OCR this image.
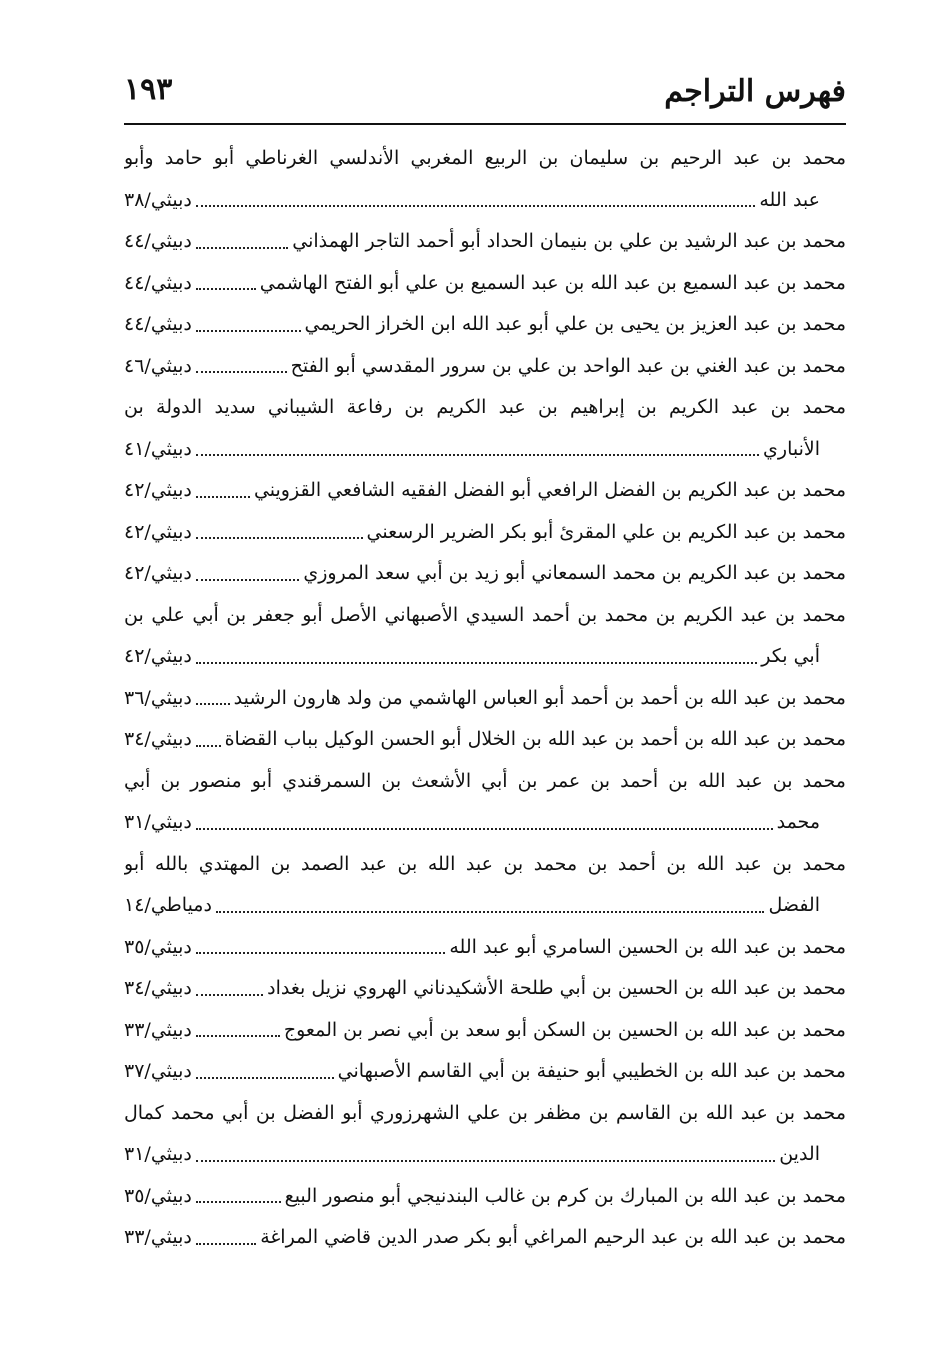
فهرس التراجم
١٩٣
محمد بن عبد الرحيم بن سليمان بن الربيع المغربي الأندلسي الغرناطي أبو حامد وأبو
عبد الله
دبيثي/٣٨
محمد بن عبد الرشيد بن علي بن بنيمان الحداد أبو أحمد التاجر الهمذاني
دبيثي/٤٤
محمد بن عبد السميع بن عبد الله بن عبد السميع بن علي أبو الفتح الهاشمي
دبيثي/٤٤
محمد بن عبد العزيز بن يحيى بن علي أبو عبد الله ابن الخراز الحريمي
دبيثي/٤٤
محمد بن عبد الغني بن عبد الواحد بن علي بن سرور المقدسي أبو الفتح
دبيثي/٤٦
محمد بن عبد الكريم بن إبراهيم بن عبد الكريم بن رفاعة الشيباني سديد الدولة بن
الأنباري
دبيثي/٤١
محمد بن عبد الكريم بن الفضل الرافعي أبو الفضل الفقيه الشافعي القزويني
دبيثي/٤٢
محمد بن عبد الكريم بن علي المقرئ أبو بكر الضرير الرسعني
دبيثي/٤٢
محمد بن عبد الكريم بن محمد السمعاني أبو زيد بن أبي سعد المروزي
دبيثي/٤٢
محمد بن عبد الكريم بن محمد بن أحمد السيدي الأصبهاني الأصل أبو جعفر بن أبي علي بن
أبي بكر
دبيثي/٤٢
محمد بن عبد الله بن أحمد بن أحمد أبو العباس الهاشمي من ولد هارون الرشيد
دبيثي/٣٦
محمد بن عبد الله بن أحمد بن عبد الله بن الخلال أبو الحسن الوكيل بباب القضاة
دبيثي/٣٤
محمد بن عبد الله بن أحمد بن عمر بن أبي الأشعث بن السمرقندي أبو منصور بن أبي
محمد
دبيثي/٣١
محمد بن عبد الله بن أحمد بن محمد بن عبد الله بن عبد الصمد بن المهتدي بالله أبو
الفضل
دمياطي/١٤
محمد بن عبد الله بن الحسين السامري أبو عبد الله
دبيثي/٣٥
محمد بن عبد الله بن الحسين بن أبي طلحة الأشكيدناني الهروي نزيل بغداد
دبيثي/٣٤
محمد بن عبد الله بن الحسين بن السكن أبو سعد بن أبي نصر بن المعوج
دبيثي/٣٣
محمد بن عبد الله بن الخطيبي أبو حنيفة بن أبي القاسم الأصبهاني
دبيثي/٣٧
محمد بن عبد الله بن القاسم بن مظفر بن علي الشهرزوري أبو الفضل بن أبي محمد كمال
الدين
دبيثي/٣١
محمد بن عبد الله بن المبارك بن كرم بن غالب البندنيجي أبو منصور البيع
دبيثي/٣٥
محمد بن عبد الله بن عبد الرحيم المراغي أبو بكر صدر الدين قاضي المراغة
دبيثي/٣٣
